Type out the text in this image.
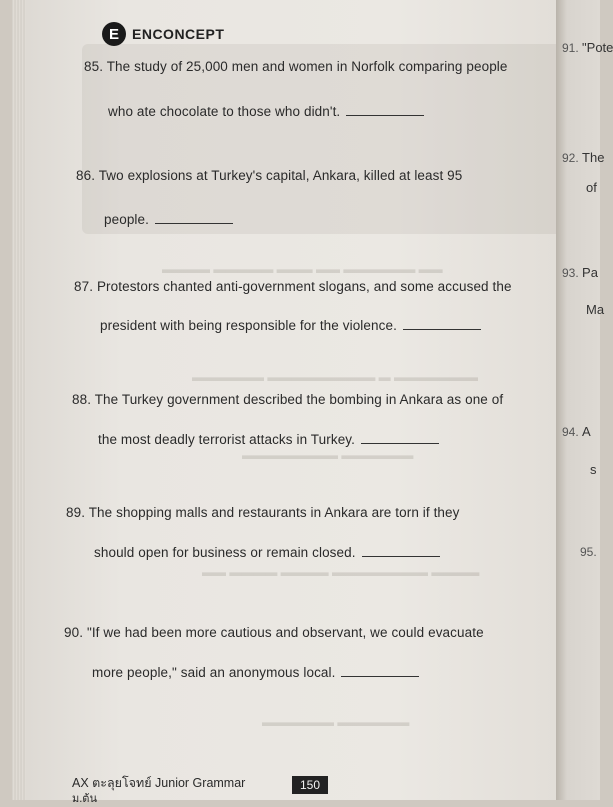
▬▬ ▬▬▬▬▬▬ ▬▬ ▬▬▬ ▬▬▬▬▬ ▬▬▬▬
▬▬▬▬▬▬▬ ▬ ▬▬▬▬▬▬▬▬▬ ▬▬▬▬▬▬
▬▬▬▬▬▬ ▬▬▬▬▬▬▬▬
▬▬▬▬ ▬▬▬▬▬▬▬▬ ▬▬▬▬ ▬▬▬▬ ▬▬
▬▬▬▬▬▬ ▬▬▬▬▬▬
E ENCONCEPT
85. The study of 25,000 men and women in Norfolk comparing people
who ate chocolate to those who didn't.
86. Two explosions at Turkey's capital, Ankara, killed at least 95
people.
87. Protestors chanted anti-government slogans, and some accused the
president with being responsible for the violence.
88. The Turkey government described the bombing in Ankara as one of
the most deadly terrorist attacks in Turkey.
89. The shopping malls and restaurants in Ankara are torn if they
should open for business or remain closed.
90. "If we had been more cautious and observant, we could evacuate
more people," said an anonymous local.
AX ตะลุยโจทย์ Junior Grammar
ม.ต้น
150
91. "Pote
92. The
of
93. Pa
Ma
94. A
s
95.
